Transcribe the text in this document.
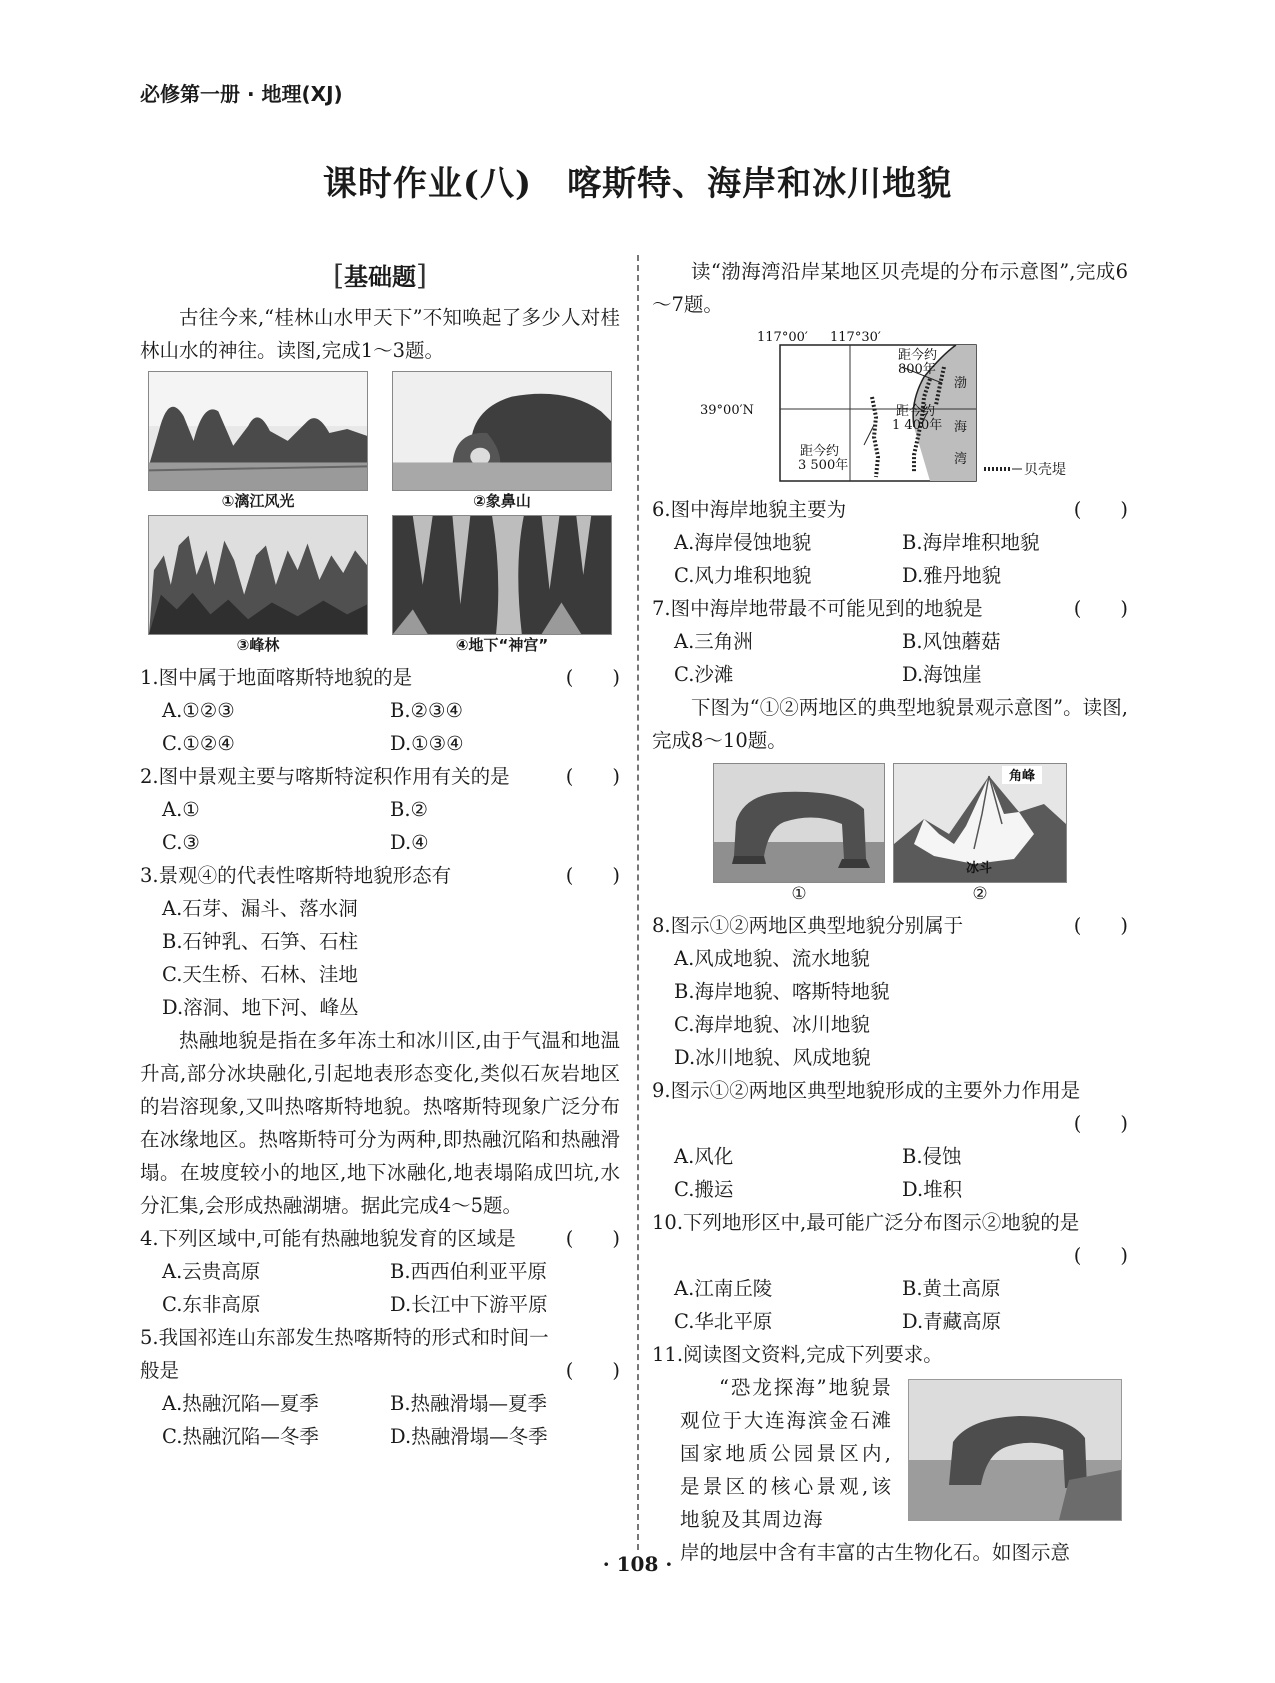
必修第一册 · 地理(XJ)
课时作业(八)　喀斯特、海岸和冰川地貌
[基础题]

古往今来,“桂林山水甲天下”不知唤起了多少人对桂林山水的神往。读图,完成1～3题。

①漓江风光	②象鼻山
③峰林	④地下“神宫”
1.图中属于地面喀斯特地貌的是	(　　)
A.①②③	B.②③④
C.①②④	D.①③④
2.图中景观主要与喀斯特淀积作用有关的是	(　　)
A.①	B.②
C.③	D.④
3.景观④的代表性喀斯特地貌形态有	(　　)
A.石芽、漏斗、落水洞
B.石钟乳、石笋、石柱
C.天生桥、石林、洼地
D.溶洞、地下河、峰丛

热融地貌是指在多年冻土和冰川区,由于气温和地温升高,部分冰块融化,引起地表形态变化,类似石灰岩地区的岩溶现象,又叫热喀斯特地貌。热喀斯特现象广泛分布在冰缘地区。热喀斯特可分为两种,即热融沉陷和热融滑塌。在坡度较小的地区,地下冰融化,地表塌陷成凹坑,水分汇集,会形成热融湖塘。据此完成4～5题。

4.下列区域中,可能有热融地貌发育的区域是	(　　)
A.云贵高原	B.西西伯利亚平原
C.东非高原	D.长江中下游平原
5.我国祁连山东部发生热喀斯特的形式和时间一般是	(　　)

A.热融沉陷—夏季	B.热融滑塌—夏季
C.热融沉陷—冬季	D.热融滑塌—冬季

读“渤海湾沿岸某地区贝壳堤的分布示意图”,完成6～7题。

117°00′ 117°30′
39°00′N
距今约
800年
距今约
1 400年
距今约
3 500年
渤
海
湾
贝壳堤
6.图中海岸地貌主要为	(　　)
A.海岸侵蚀地貌	B.海岸堆积地貌
C.风力堆积地貌	D.雅丹地貌
7.图中海岸地带最不可能见到的地貌是	(　　)
A.三角洲	B.风蚀蘑菇
C.沙滩	D.海蚀崖

下图为“①②两地区的典型地貌景观示意图”。读图,完成8～10题。

①
角峰
冰斗
②
8.图示①②两地区典型地貌分别属于	(　　)
A.风成地貌、流水地貌
B.海岸地貌、喀斯特地貌
C.海岸地貌、冰川地貌
D.冰川地貌、风成地貌
9.图示①②两地区典型地貌形成的主要外力作用是

(　　)

A.风化	B.侵蚀
C.搬运	D.堆积
10.下列地形区中,最可能广泛分布图示②地貌的是

(　　)

A.江南丘陵	B.黄土高原
C.华北平原	D.青藏高原
11.阅读图文资料,完成下列要求。

“恐龙探海”地貌景观位于大连海滨金石滩国家地质公园景区内,是景区的核心景观,该地貌及其周边海

岸的地层中含有丰富的古生物化石。如图示意

· 108 ·
